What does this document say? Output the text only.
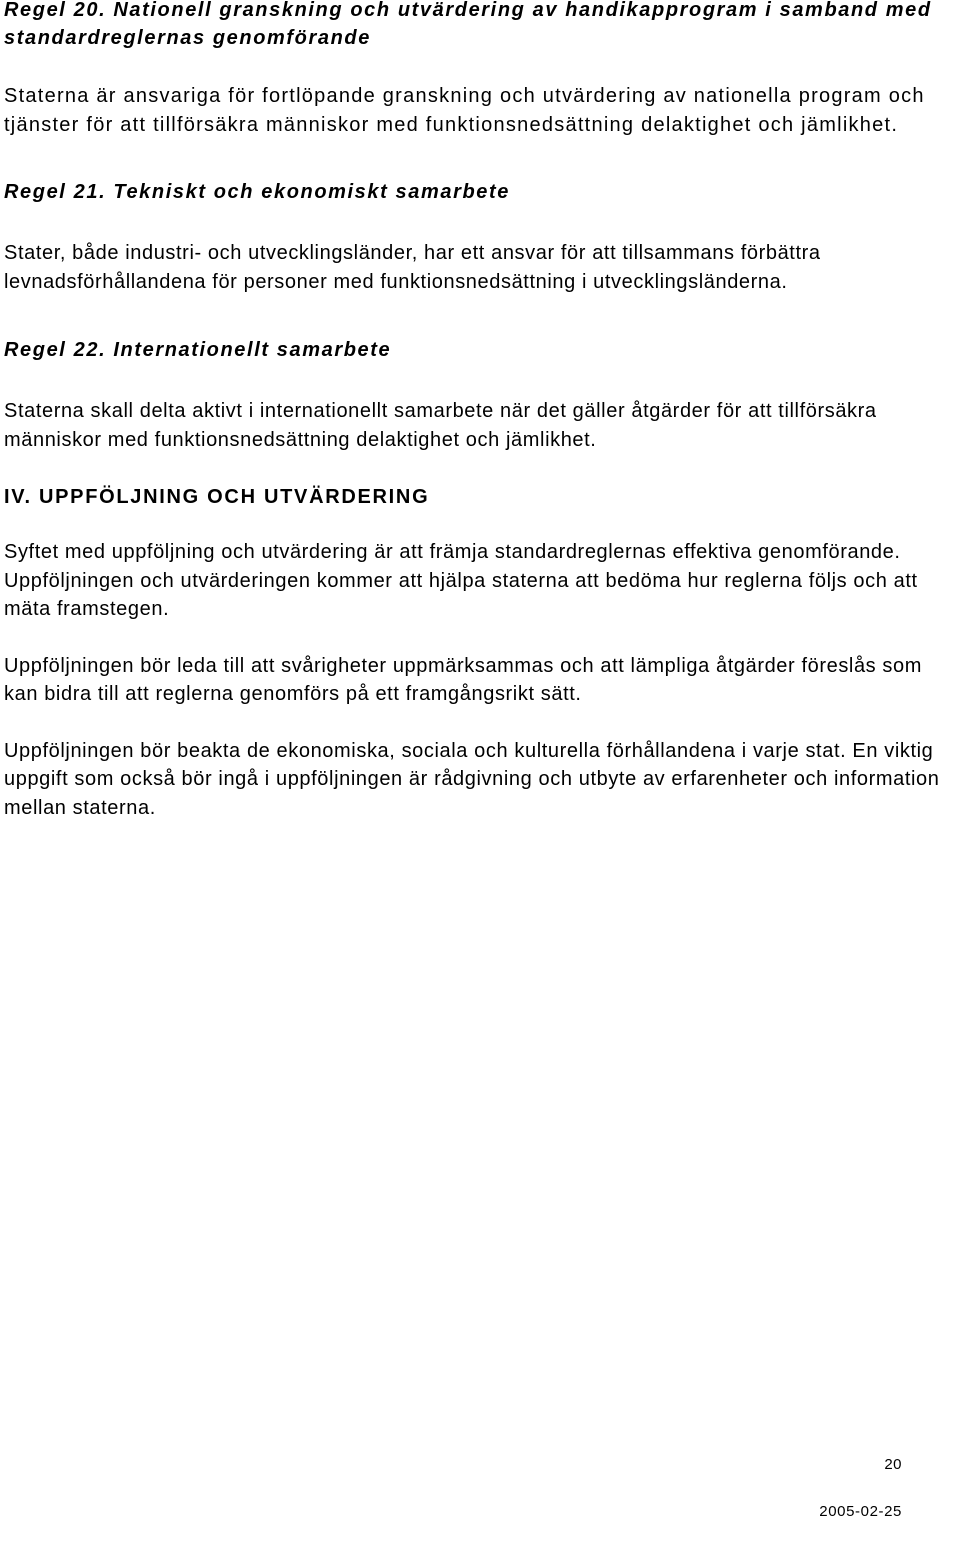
Regel 20. Nationell granskning och utvärdering av handikapprogram i samband med standardreglernas genomförande

Staterna är ansvariga för fortlöpande granskning och utvärdering av nationella program och tjänster för att tillförsäkra människor med funktionsnedsättning delaktighet och jämlikhet.

Regel 21. Tekniskt och ekonomiskt samarbete

Stater, både industri- och utvecklingsländer, har ett ansvar för att tillsammans förbättra levnadsförhållandena för personer med funktionsnedsättning i utvecklingsländerna.

Regel 22. Internationellt samarbete

Staterna skall delta aktivt i internationellt samarbete när det gäller åtgärder för att tillförsäkra människor med funktionsnedsättning delaktighet och jämlikhet.

IV. UPPFÖLJNING OCH UTVÄRDERING

Syftet med uppföljning och utvärdering är att främja standardreglernas effektiva genomförande. Uppföljningen och utvärderingen kommer att hjälpa staterna att bedöma hur reglerna följs och att mäta framstegen.

Uppföljningen bör leda till att svårigheter uppmärksammas och att lämpliga åtgärder föreslås som kan bidra till att reglerna genomförs på ett framgångsrikt sätt.

Uppföljningen bör beakta de ekonomiska, sociala och kulturella förhållandena i varje stat. En viktig uppgift som också bör ingå i uppföljningen är rådgivning och utbyte av erfarenheter och information mellan staterna.

20
2005-02-25
